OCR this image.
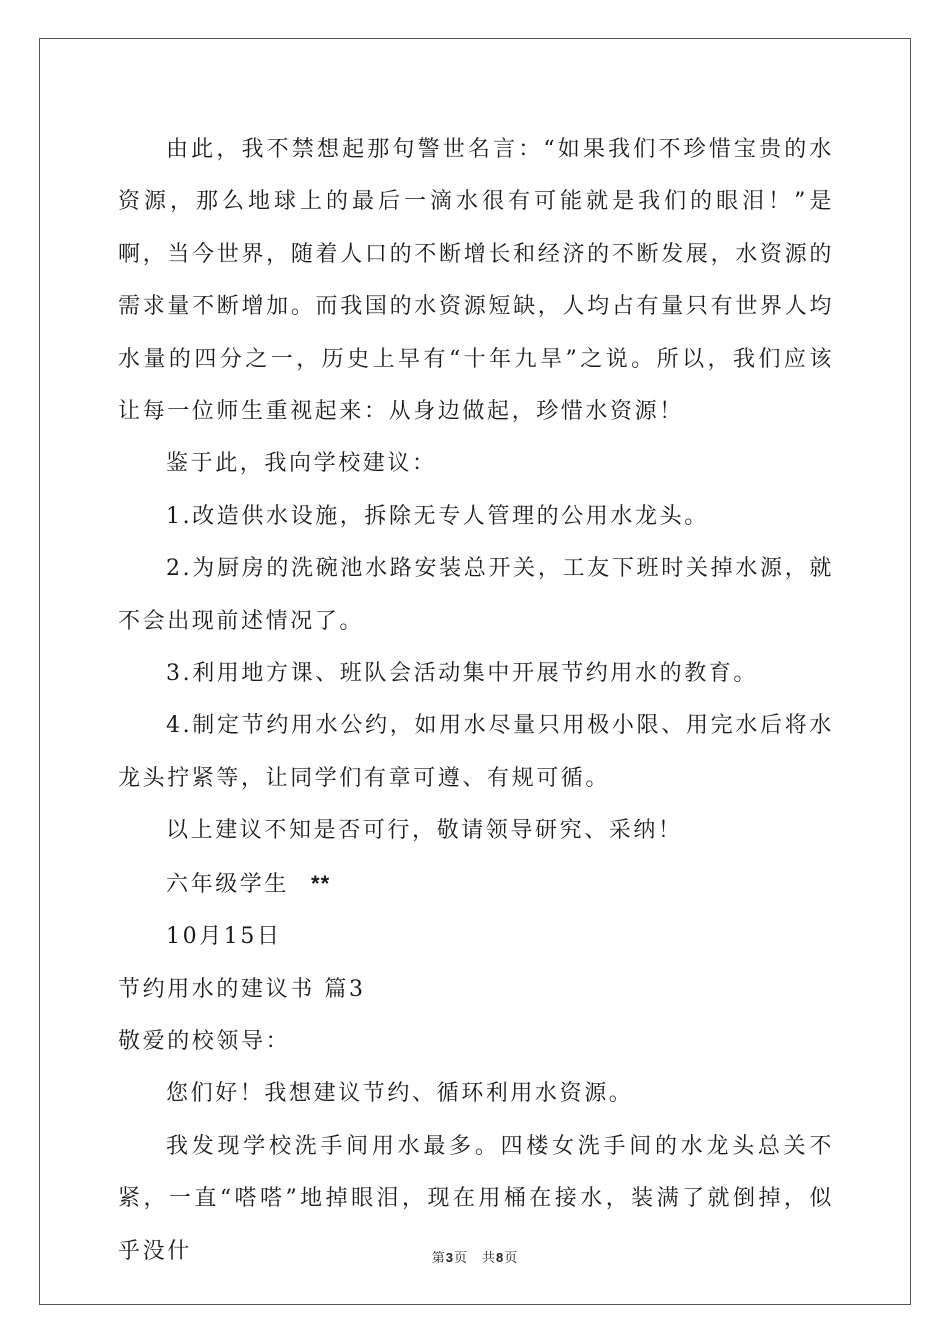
由此，我不禁想起那句警世名言：“如果我们不珍惜宝贵的水资源，那么地球上的最后一滴水很有可能就是我们的眼泪！”是啊，当今世界，随着人口的不断增长和经济的不断发展，水资源的需求量不断增加。而我国的水资源短缺，人均占有量只有世界人均水量的四分之一，历史上早有“十年九旱”之说。所以，我们应该让每一位师生重视起来：从身边做起，珍惜水资源！

鉴于此，我向学校建议：

1.改造供水设施，拆除无专人管理的公用水龙头。

2.为厨房的洗碗池水路安装总开关，工友下班时关掉水源，就不会出现前述情况了。

3.利用地方课、班队会活动集中开展节约用水的教育。

4.制定节约用水公约，如用水尽量只用极小限、用完水后将水龙头拧紧等，让同学们有章可遵、有规可循。

以上建议不知是否可行，敬请领导研究、采纳！

六年级学生 **

10月15日

节约用水的建议书 篇3

敬爱的校领导：

您们好！我想建议节约、循环利用水资源。

我发现学校洗手间用水最多。四楼女洗手间的水龙头总关不紧，一直“嗒嗒”地掉眼泪，现在用桶在接水，装满了就倒掉，似乎没什	第3页 共8页
